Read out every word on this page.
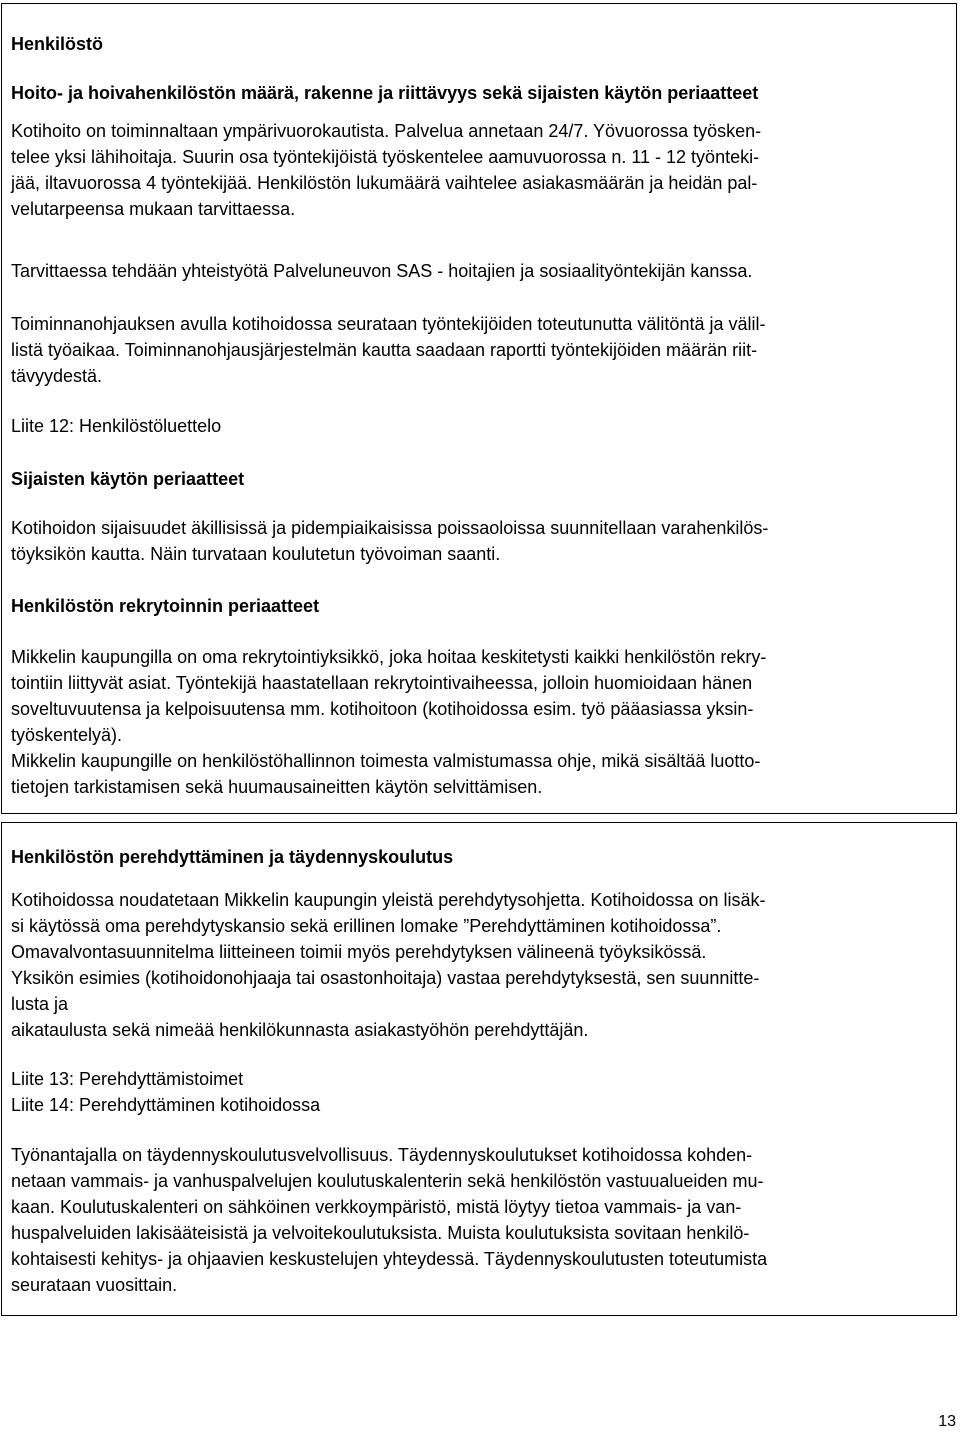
Henkilöstö
Hoito- ja hoivahenkilöstön määrä, rakenne ja riittävyys sekä sijaisten käytön periaatteet
Kotihoito on toiminnaltaan ympärivuorokautista. Palvelua annetaan 24/7. Yövuorossa työsken-
telee yksi lähihoitaja. Suurin osa työntekijöistä työskentelee aamuvuorossa n. 11 - 12 työnteki-
jää, iltavuorossa 4 työntekijää. Henkilöstön lukumäärä vaihtelee asiakasmäärän ja heidän pal-
velutarpeensa mukaan tarvittaessa.
Tarvittaessa tehdään yhteistyötä Palveluneuvon SAS - hoitajien ja sosiaalityöntekijän kanssa.
Toiminnanohjauksen avulla kotihoidossa seurataan työntekijöiden toteutunutta välitöntä ja välil-
listä työaikaa. Toiminnanohjausjärjestelmän kautta saadaan raportti työntekijöiden määrän riit-
tävyydestä.
Liite 12: Henkilöstöluettelo
Sijaisten käytön periaatteet
Kotihoidon sijaisuudet äkillisissä ja pidempiaikaisissa poissaoloissa suunnitellaan varahenkilös-
töyksikön kautta. Näin turvataan koulutetun työvoiman saanti.
Henkilöstön rekrytoinnin periaatteet
Mikkelin kaupungilla on oma rekrytointiyksikkö, joka hoitaa keskitetysti kaikki henkilöstön rekry-
tointiin liittyvät asiat. Työntekijä haastatellaan rekrytointivaiheessa, jolloin huomioidaan hänen
soveltuvuutensa ja kelpoisuutensa mm. kotihoitoon (kotihoidossa esim. työ pääasiassa yksin-
työskentelyä).
Mikkelin kaupungille on henkilöstöhallinnon toimesta valmistumassa ohje, mikä sisältää luotto-
tietojen tarkistamisen sekä huumausaineitten käytön selvittämisen.
Henkilöstön perehdyttäminen ja täydennyskoulutus
Kotihoidossa noudatetaan Mikkelin kaupungin yleistä perehdytysohjetta. Kotihoidossa on lisäk-
si käytössä oma perehdytyskansio sekä erillinen lomake ”Perehdyttäminen kotihoidossa”.
Omavalvontasuunnitelma liitteineen toimii myös perehdytyksen välineenä työyksikössä.
Yksikön esimies (kotihoidonohjaaja tai osastonhoitaja) vastaa perehdytyksestä, sen suunnitte-
lusta ja
aikataulusta sekä nimeää henkilökunnasta asiakastyöhön perehdyttäjän.
Liite 13: Perehdyttämistoimet
Liite 14: Perehdyttäminen kotihoidossa
Työnantajalla on täydennyskoulutusvelvollisuus. Täydennyskoulutukset kotihoidossa kohden-
netaan vammais- ja vanhuspalvelujen koulutuskalenterin sekä henkilöstön vastuualueiden mu-
kaan. Koulutuskalenteri on sähköinen verkkoympäristö, mistä löytyy tietoa vammais- ja van-
huspalveluiden lakisääteisistä ja velvoitekoulutuksista. Muista koulutuksista sovitaan henkilö-
kohtaisesti kehitys- ja ohjaavien keskustelujen yhteydessä. Täydennyskoulutusten toteutumista
seurataan vuosittain.
13
